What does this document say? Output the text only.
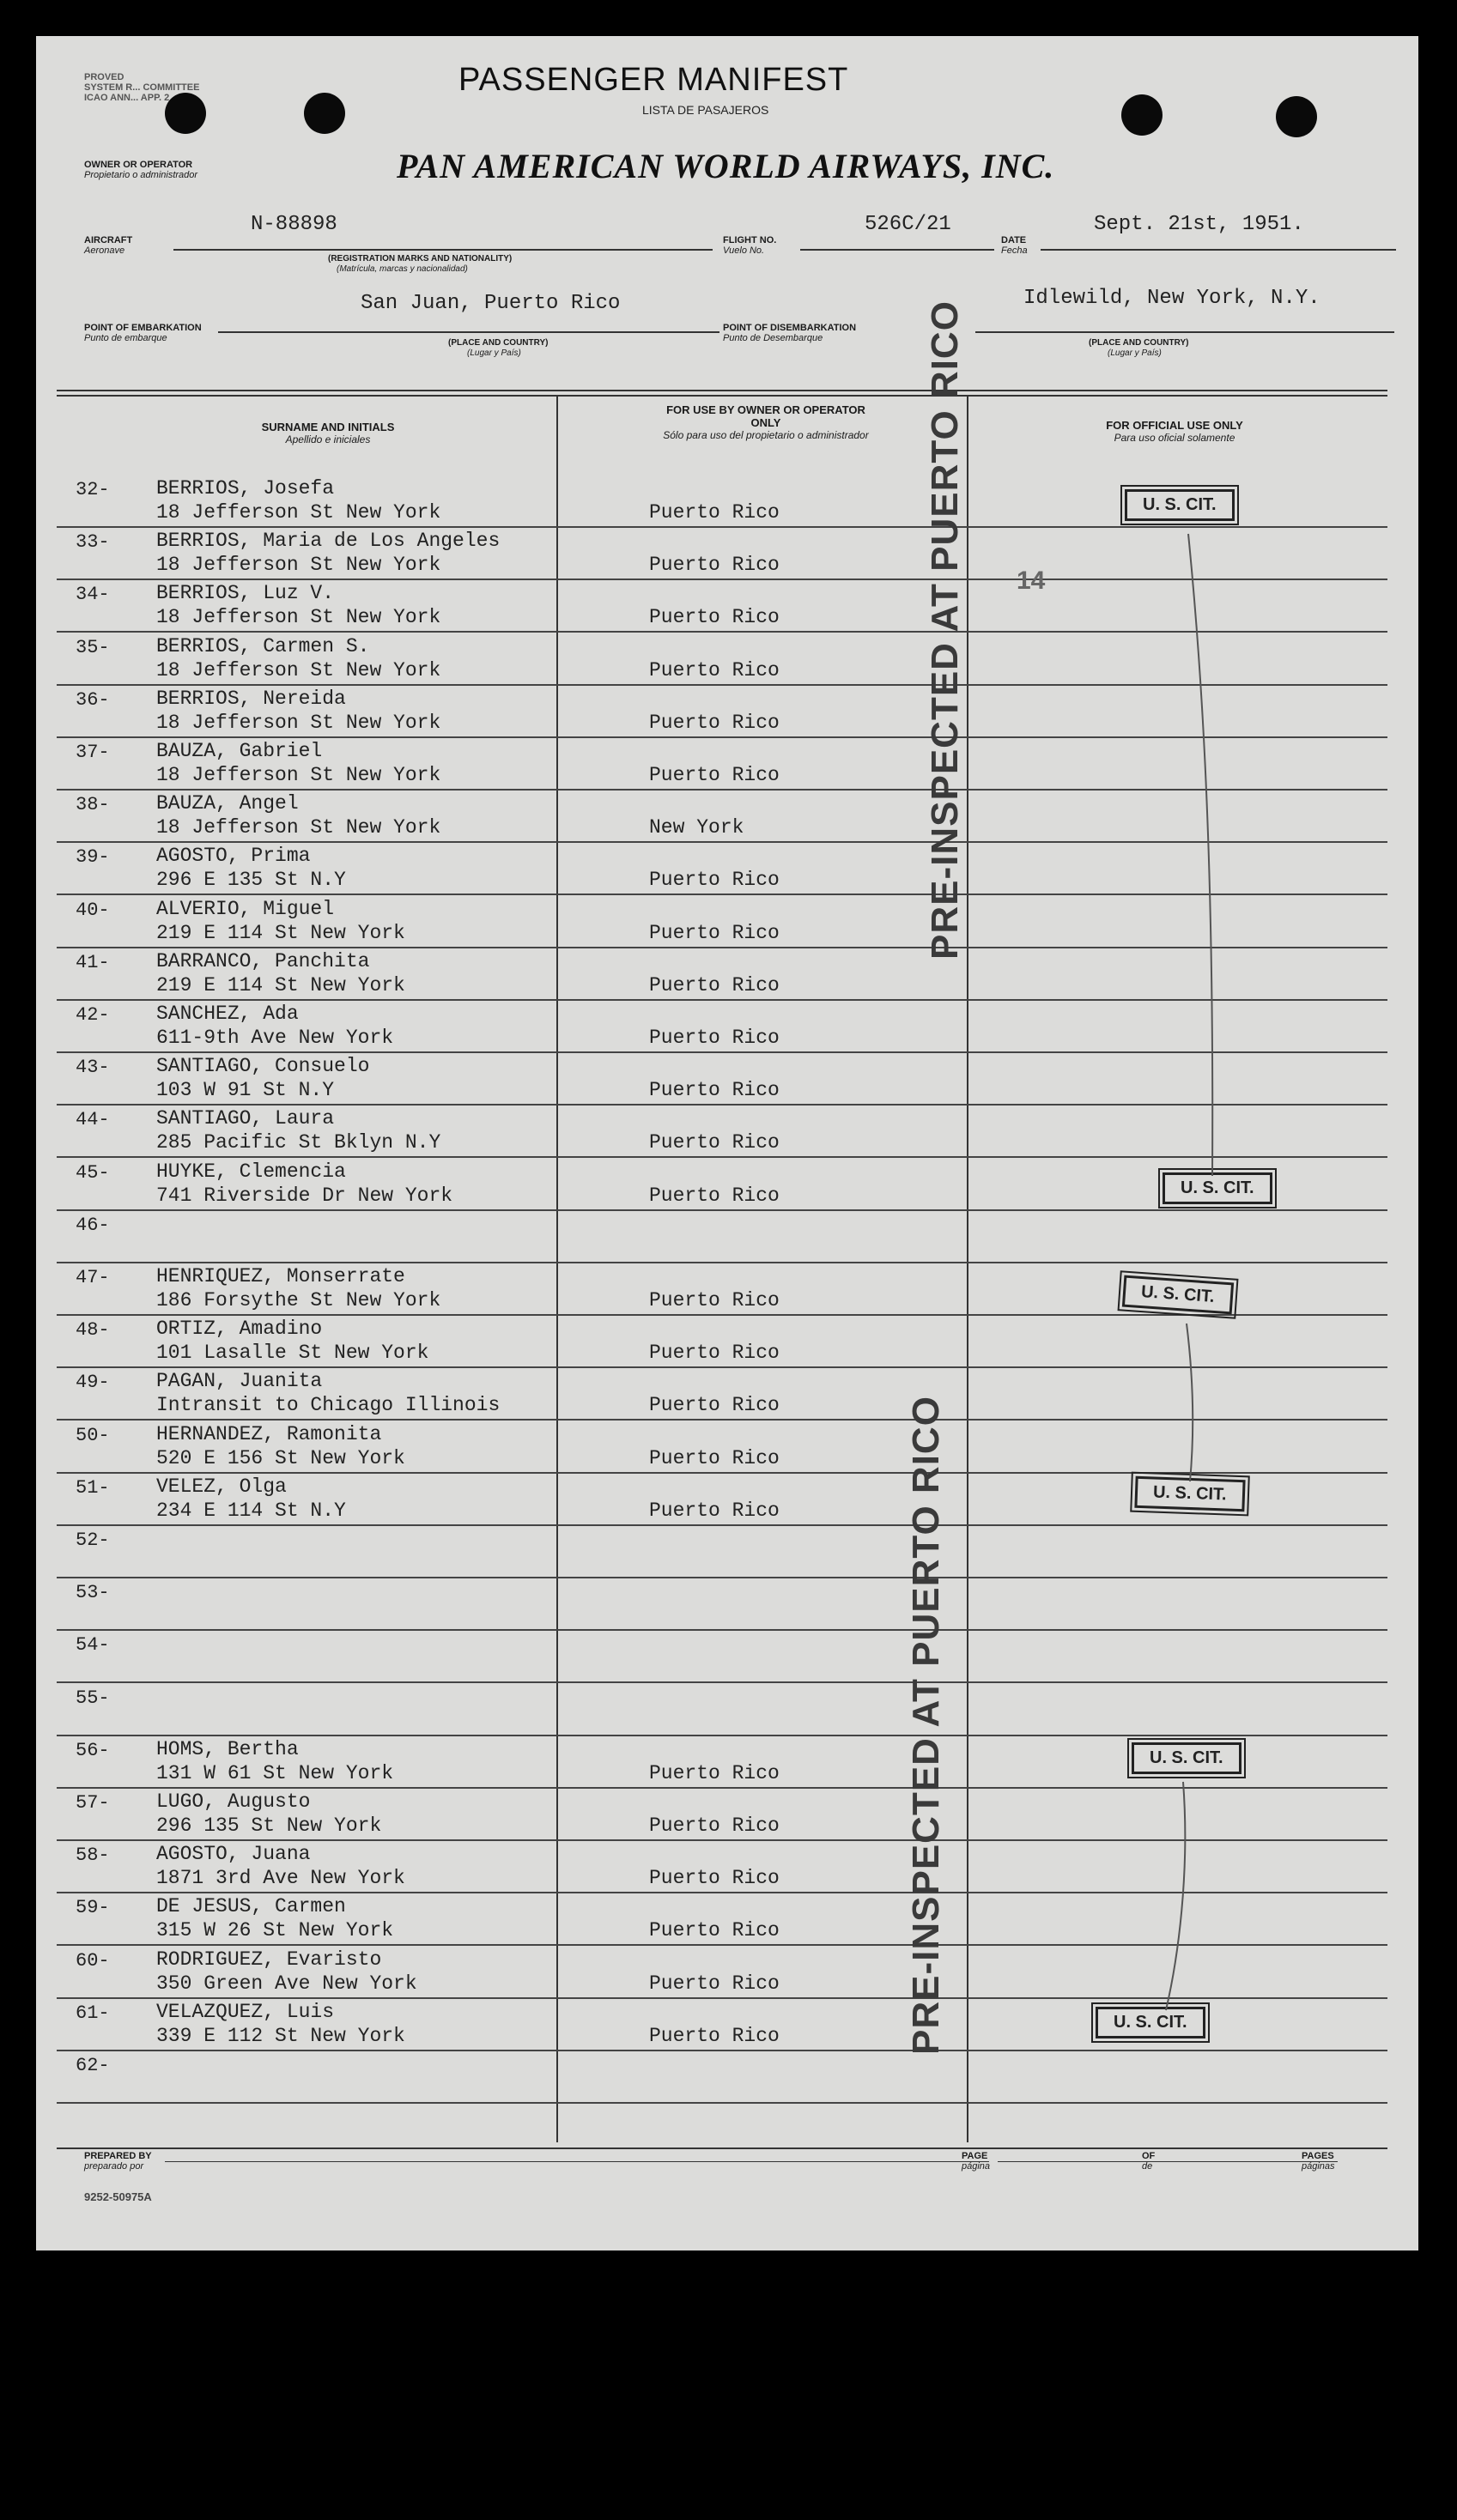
PROVED
SYSTEM R... COMMITTEE
ICAO ANN... APP. 2	PASSENGER MANIFEST
LISTA DE PASAJEROS
OWNER OR OPERATOR
Propietario o administrador	PAN AMERICAN WORLD AIRWAYS, INC.
AIRCRAFT
Aeronave
N-88898
(REGISTRATION MARKS AND NATIONALITY)
(Matrícula, marcas y nacionalidad)
FLIGHT NO.
Vuelo No.
526C/21
DATE
Fecha
Sept. 21st, 1951.
San Juan, Puerto Rico
POINT OF EMBARKATION
Punto de embarque	(PLACE AND COUNTRY)
(Lugar y País)
Idlewild, New York, N.Y.
POINT OF DISEMBARKATION
Punto de Desembarque	(PLACE AND COUNTRY)
(Lugar y País)
SURNAME AND INITIALS
Apellido e iniciales
FOR USE BY OWNER OR OPERATOR ONLY
Sólo para uso del propietario o administrador
FOR OFFICIAL USE ONLY
Para uso oficial solamente
32- BERRIOS, Josefa
18 Jefferson St New York	Puerto Rico
33- BERRIOS, Maria de Los Angeles
18 Jefferson St New York	Puerto Rico
34- BERRIOS, Luz V.
18 Jefferson St New York	Puerto Rico
35- BERRIOS, Carmen S.
18 Jefferson St New York	Puerto Rico
36- BERRIOS, Nereida
18 Jefferson St New York	Puerto Rico
37- BAUZA, Gabriel
18 Jefferson St New York	Puerto Rico
38- BAUZA, Angel
18 Jefferson St New York	New York
39- AGOSTO, Prima
296 E 135 St N.Y	Puerto Rico
40- ALVERIO, Miguel
219 E 114 St New York	Puerto Rico
41- BARRANCO, Panchita
219 E 114 St New York	Puerto Rico
42- SANCHEZ, Ada
611-9th Ave New York	Puerto Rico
43- SANTIAGO, Consuelo
103 W 91 St N.Y	Puerto Rico
44- SANTIAGO, Laura
285 Pacific St Bklyn N.Y	Puerto Rico
45- HUYKE, Clemencia
741 Riverside Dr New York	Puerto Rico
46-
47- HENRIQUEZ, Monserrate
186 Forsythe St New York	Puerto Rico
48- ORTIZ, Amadino
101 Lasalle St New York	Puerto Rico
49- PAGAN, Juanita
Intransit to Chicago Illinois	Puerto Rico
50- HERNANDEZ, Ramonita
520 E 156 St New York	Puerto Rico
51- VELEZ, Olga
234 E 114 St N.Y	Puerto Rico
52-
53-
54-
55-
56- HOMS, Bertha
131 W 61 St New York	Puerto Rico
57- LUGO, Augusto
296 135 St New York	Puerto Rico
58- AGOSTO, Juana
1871 3rd Ave New York	Puerto Rico
59- DE JESUS, Carmen
315 W 26 St New York	Puerto Rico
60- RODRIGUEZ, Evaristo
350 Green Ave New York	Puerto Rico
61- VELAZQUEZ, Luis
339 E 112 St New York	Puerto Rico
62-
PRE-INSPECTED AT PUERTO RICO
PRE-INSPECTED AT PUERTO RICO
14
U. S. CIT.
U. S. CIT.
U. S. CIT.
U. S. CIT.
U. S. CIT.
U. S. CIT.
PREPARED BY
preparado por
PAGE
página
OF
de
PAGES
páginas
9252-50975A
